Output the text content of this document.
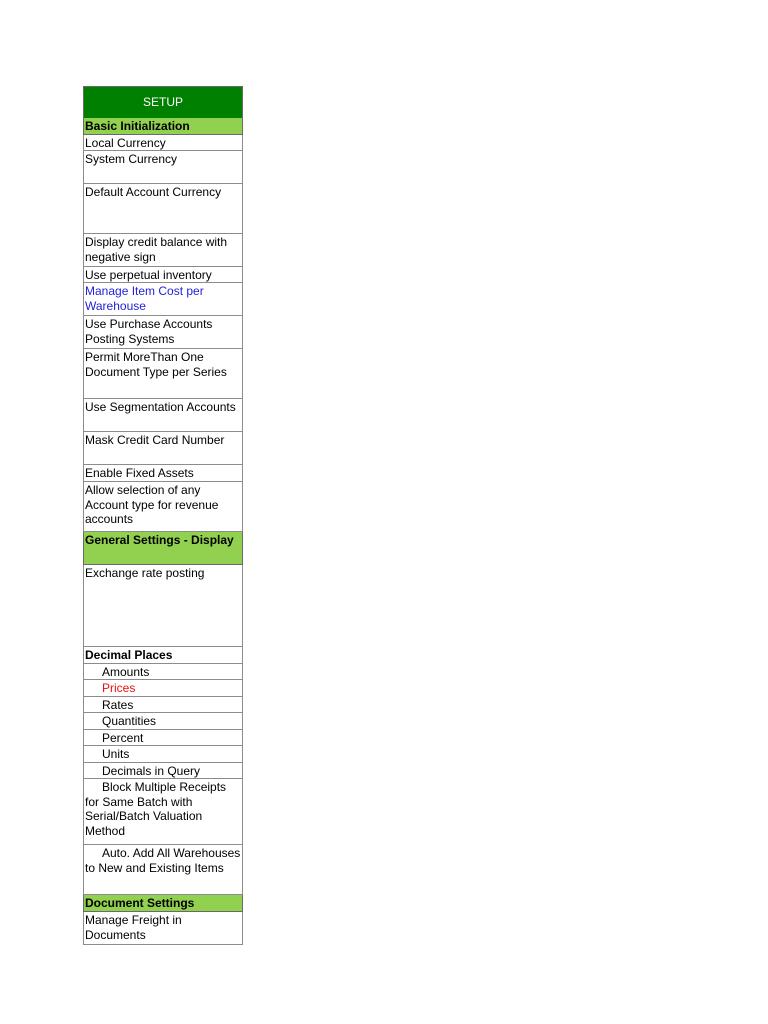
SETUP
Basic Initialization
Local Currency
System Currency
Default Account Currency
Display credit balance with negative sign
Use perpetual inventory
Manage Item Cost per Warehouse
Use Purchase Accounts Posting Systems
Permit MoreThan One Document Type per Series
Use Segmentation Accounts
Mask Credit Card Number
Enable Fixed Assets
Allow selection of any Account type for revenue accounts
General Settings - Display
Exchange rate posting
Decimal Places
Amounts
Prices
Rates
Quantities
Percent
Units
Decimals in Query
Block Multiple Receipts for Same Batch with Serial/Batch Valuation Method
Auto. Add All Warehouses to New and Existing Items
Document Settings
Manage Freight in Documents
